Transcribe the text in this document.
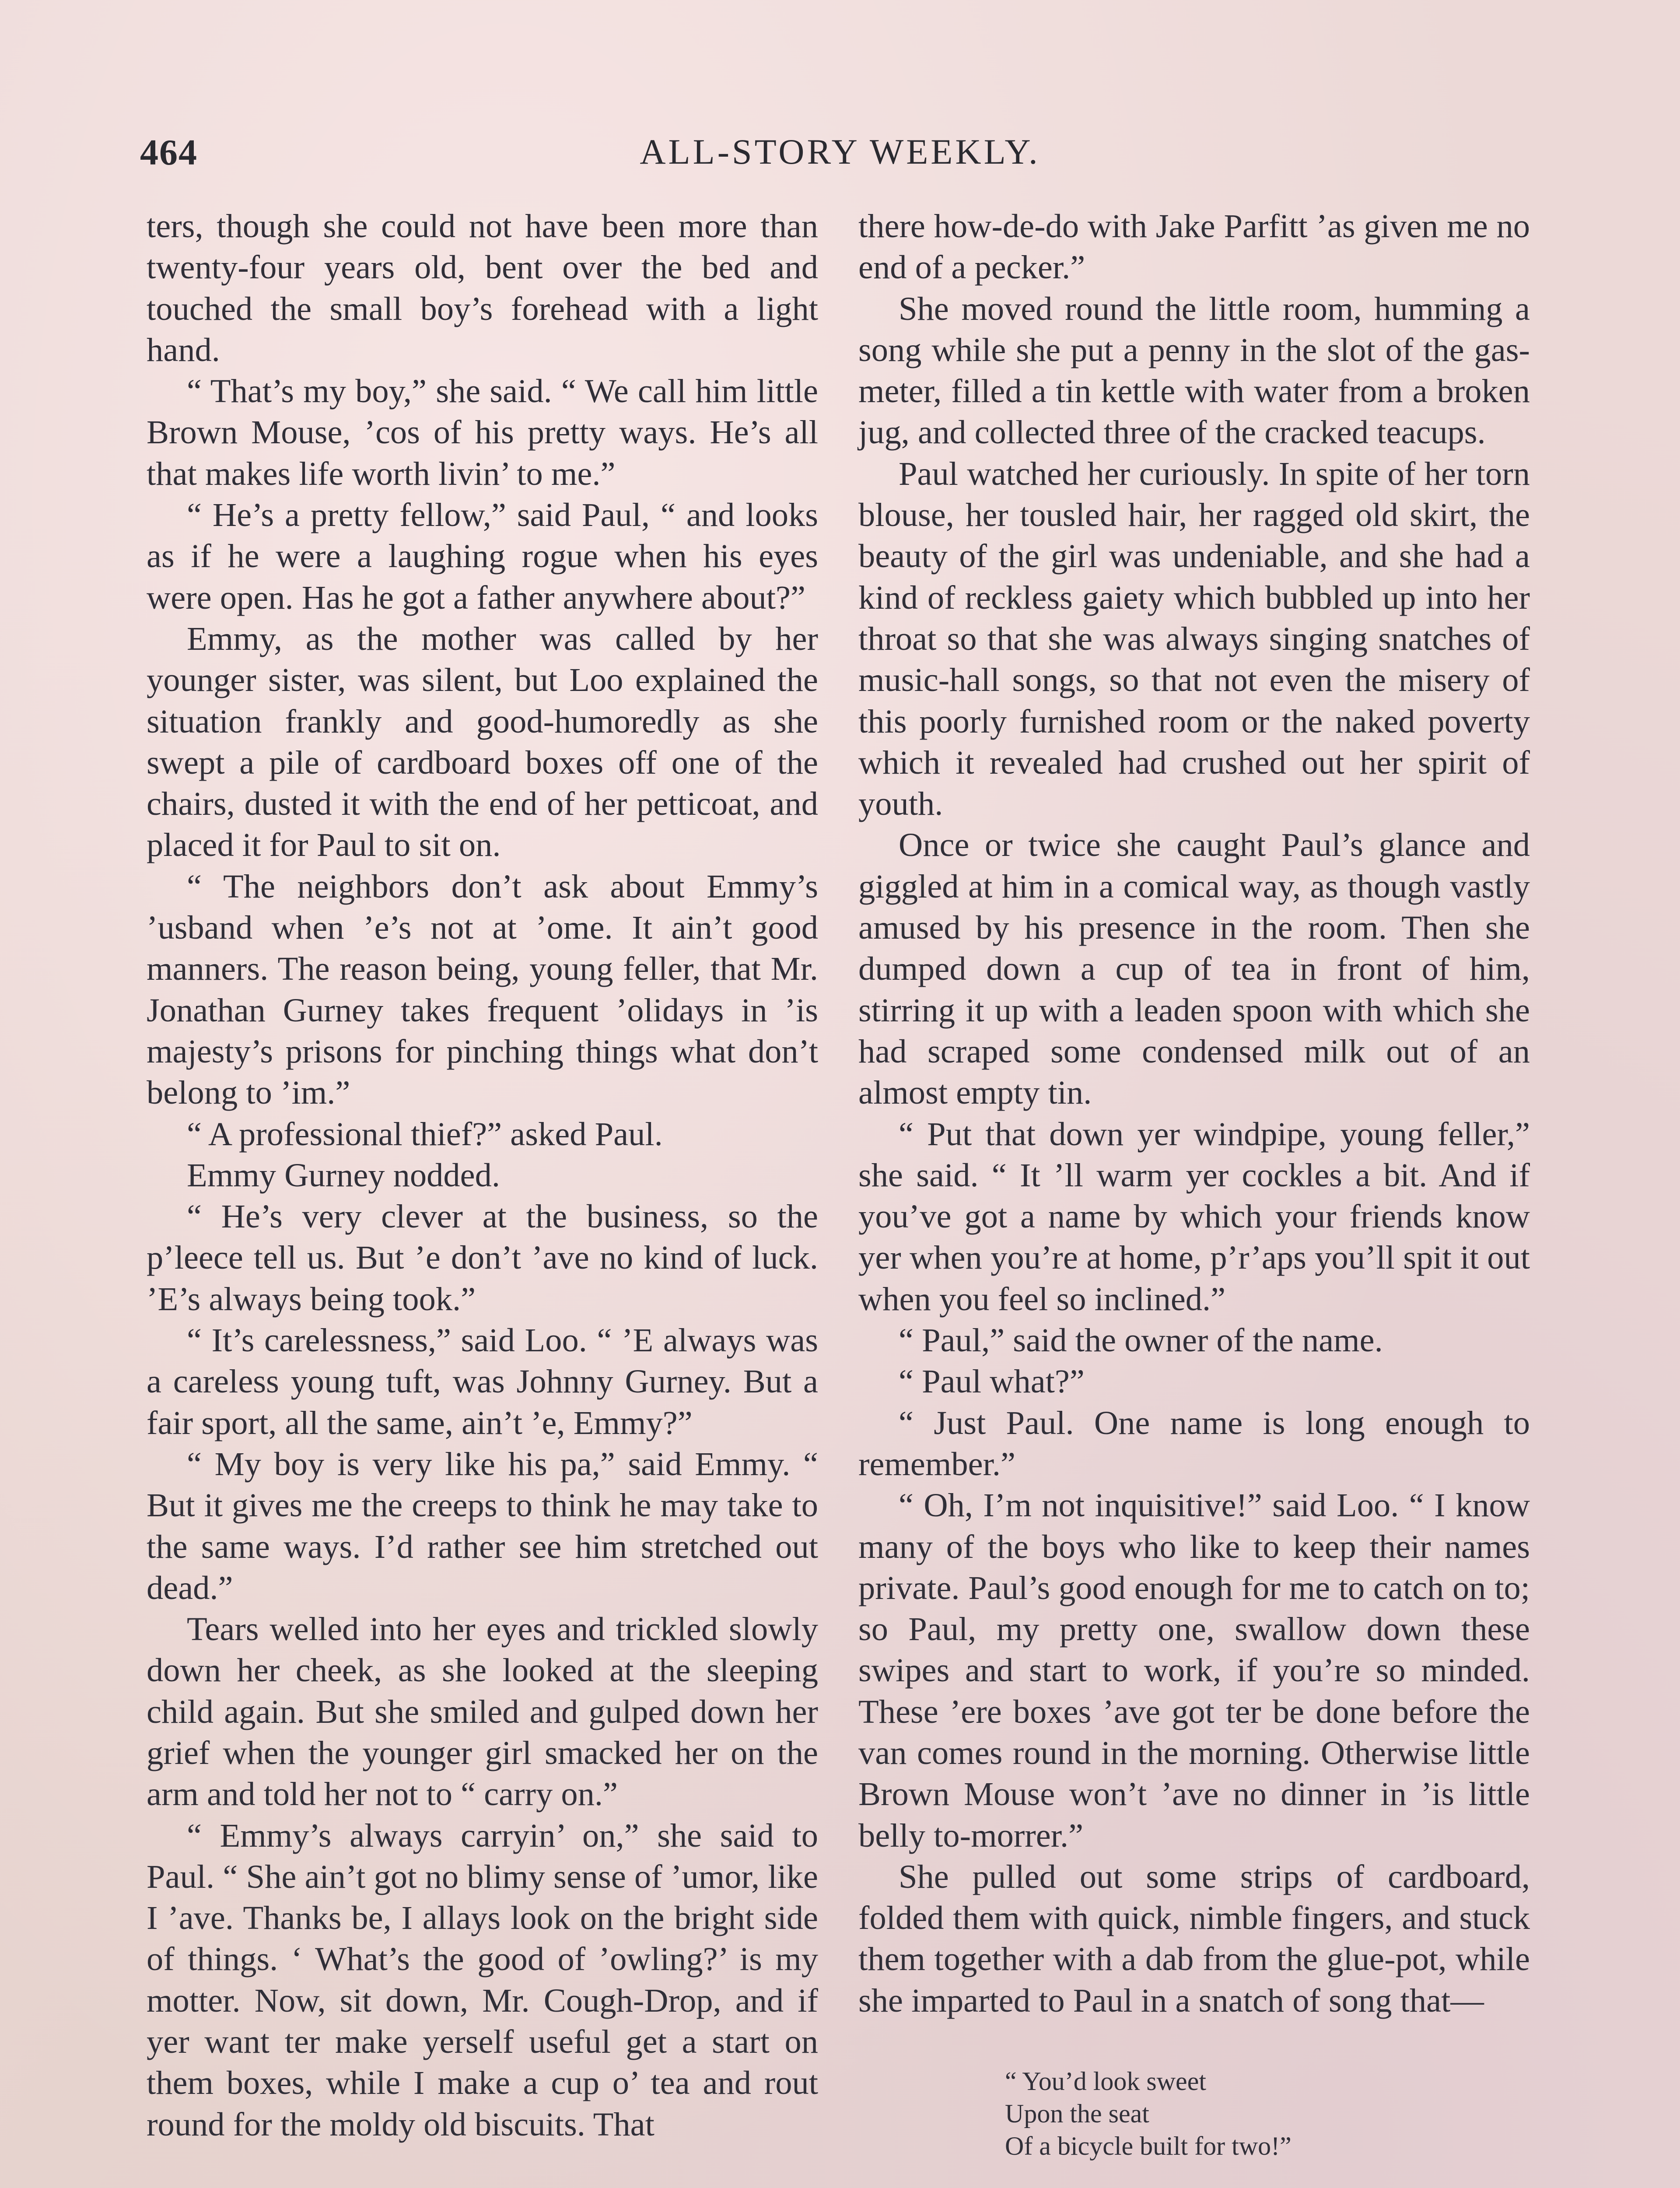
464	ALL-STORY WEEKLY.

ters, though she could not have been more than twenty-four years old, bent over the bed and touched the small boy’s forehead with a light hand.

“ That’s my boy,” she said. “ We call him little Brown Mouse, ’cos of his pretty ways. He’s all that makes life worth livin’ to me.”

“ He’s a pretty fellow,” said Paul, “ and looks as if he were a laughing rogue when his eyes were open. Has he got a father anywhere about?”

Emmy, as the mother was called by her younger sister, was silent, but Loo explained the situation frankly and good-humoredly as she swept a pile of cardboard boxes off one of the chairs, dusted it with the end of her petticoat, and placed it for Paul to sit on.

“ The neighbors don’t ask about Emmy’s ’usband when ’e’s not at ’ome. It ain’t good manners. The reason being, young feller, that Mr. Jonathan Gurney takes frequent ’olidays in ’is majesty’s prisons for pinching things what don’t belong to ’im.”

“ A professional thief?” asked Paul.

Emmy Gurney nodded.

“ He’s very clever at the business, so the p’leece tell us. But ’e don’t ’ave no kind of luck. ’E’s always being took.”

“ It’s carelessness,” said Loo. “ ’E always was a careless young tuft, was Johnny Gurney. But a fair sport, all the same, ain’t ’e, Emmy?”

“ My boy is very like his pa,” said Emmy. “ But it gives me the creeps to think he may take to the same ways. I’d rather see him stretched out dead.”

Tears welled into her eyes and trickled slowly down her cheek, as she looked at the sleeping child again. But she smiled and gulped down her grief when the younger girl smacked her on the arm and told her not to “ carry on.”

“ Emmy’s always carryin’ on,” she said to Paul. “ She ain’t got no blimy sense of ’umor, like I ’ave. Thanks be, I allays look on the bright side of things. ‘ What’s the good of ’owling?’ is my motter. Now, sit down, Mr. Cough-Drop, and if yer want ter make yerself useful get a start on them boxes, while I make a cup o’ tea and rout round for the moldy old biscuits. That

there how-de-do with Jake Parfitt ’as given me no end of a pecker.”

She moved round the little room, humming a song while she put a penny in the slot of the gas-meter, filled a tin kettle with water from a broken jug, and collected three of the cracked teacups.

Paul watched her curiously. In spite of her torn blouse, her tousled hair, her ragged old skirt, the beauty of the girl was undeniable, and she had a kind of reckless gaiety which bubbled up into her throat so that she was always singing snatches of music-hall songs, so that not even the misery of this poorly furnished room or the naked poverty which it revealed had crushed out her spirit of youth.

Once or twice she caught Paul’s glance and giggled at him in a comical way, as though vastly amused by his presence in the room. Then she dumped down a cup of tea in front of him, stirring it up with a leaden spoon with which she had scraped some condensed milk out of an almost empty tin.

“ Put that down yer windpipe, young feller,” she said. “ It ’ll warm yer cockles a bit. And if you’ve got a name by which your friends know yer when you’re at home, p’r’aps you’ll spit it out when you feel so inclined.”

“ Paul,” said the owner of the name.

“ Paul what?”

“ Just Paul. One name is long enough to remember.”

“ Oh, I’m not inquisitive!” said Loo. “ I know many of the boys who like to keep their names private. Paul’s good enough for me to catch on to; so Paul, my pretty one, swallow down these swipes and start to work, if you’re so minded. These ’ere boxes ’ave got ter be done before the van comes round in the morning. Otherwise little Brown Mouse won’t ’ave no dinner in ’is little belly to-morrer.”

She pulled out some strips of cardboard, folded them with quick, nimble fingers, and stuck them together with a dab from the glue-pot, while she imparted to Paul in a snatch of song that—

“ You’d look sweet
Upon the seat
Of a bicycle built for two!”
